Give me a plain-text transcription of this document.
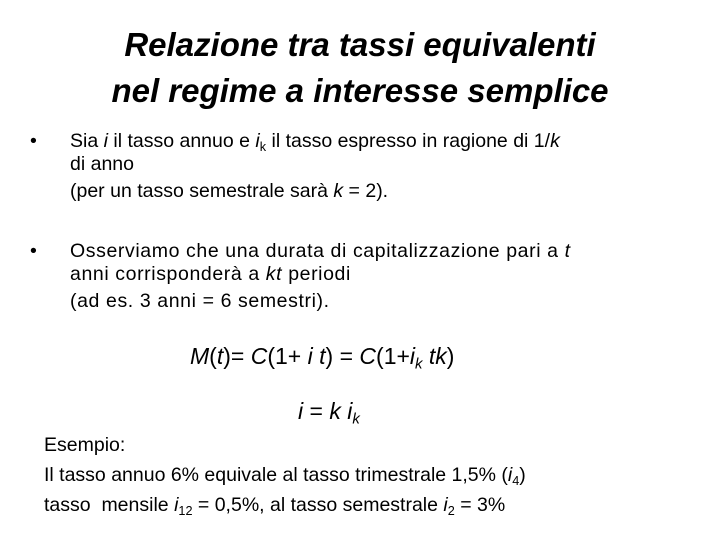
Relazione tra tassi equivalenti
nel regime a interesse semplice
• Sia i il tasso annuo e $i_k$ il tasso espresso in ragione di 1/k
di anno
(per un tasso semestrale sarà k = 2).
• Osserviamo che una durata di capitalizzazione pari a t
anni corrisponderà a kt periodi
(ad es. 3 anni = 6 semestri).
M(t)= C(1+ i $t) = C(1+i_k$ tk)
i = k $i_k$
Esempio:
Il tasso annuo 6% equivale al tasso trimestrale 1,5% $(i_4)$
tasso  mensile $i_{12} = 0,5\%$, al tasso semestrale $i_2 = 3\%$
